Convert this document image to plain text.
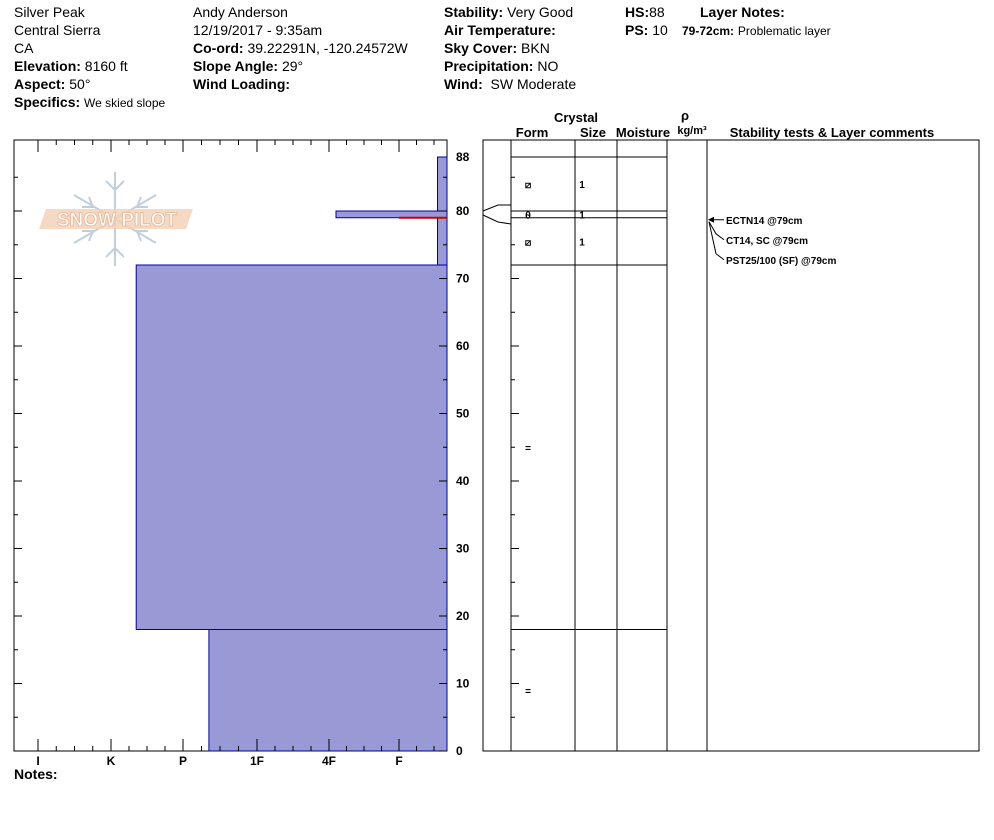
Silver Peak
Central Sierra
CA
Elevation: 8160 ft
Aspect: 50°
Specifics: We skied slope
Andy Anderson
12/19/2017 - 9:35am
Co-ord: 39.22291N, -120.24572W
Slope Angle: 29°
Wind Loading:
Stability: Very Good
Air Temperature:
Sky Cover: BKN
Precipitation: NO
Wind: SW Moderate
HS:88
PS: 10
Layer Notes:
79-72cm: Problematic layer
Notes:
SNOW PILOT
I	K	P	1F	4F	F
88
80
70
60
50
40
30
20
10
0
Crystal
Form Size Moisture
ρ
kg/m³ Stability tests & Layer comments
⧄	1
⍬	1
⧄	1
=
=
ECTN14 @79cm
CT14, SC @79cm
PST25/100 (SF) @79cm
